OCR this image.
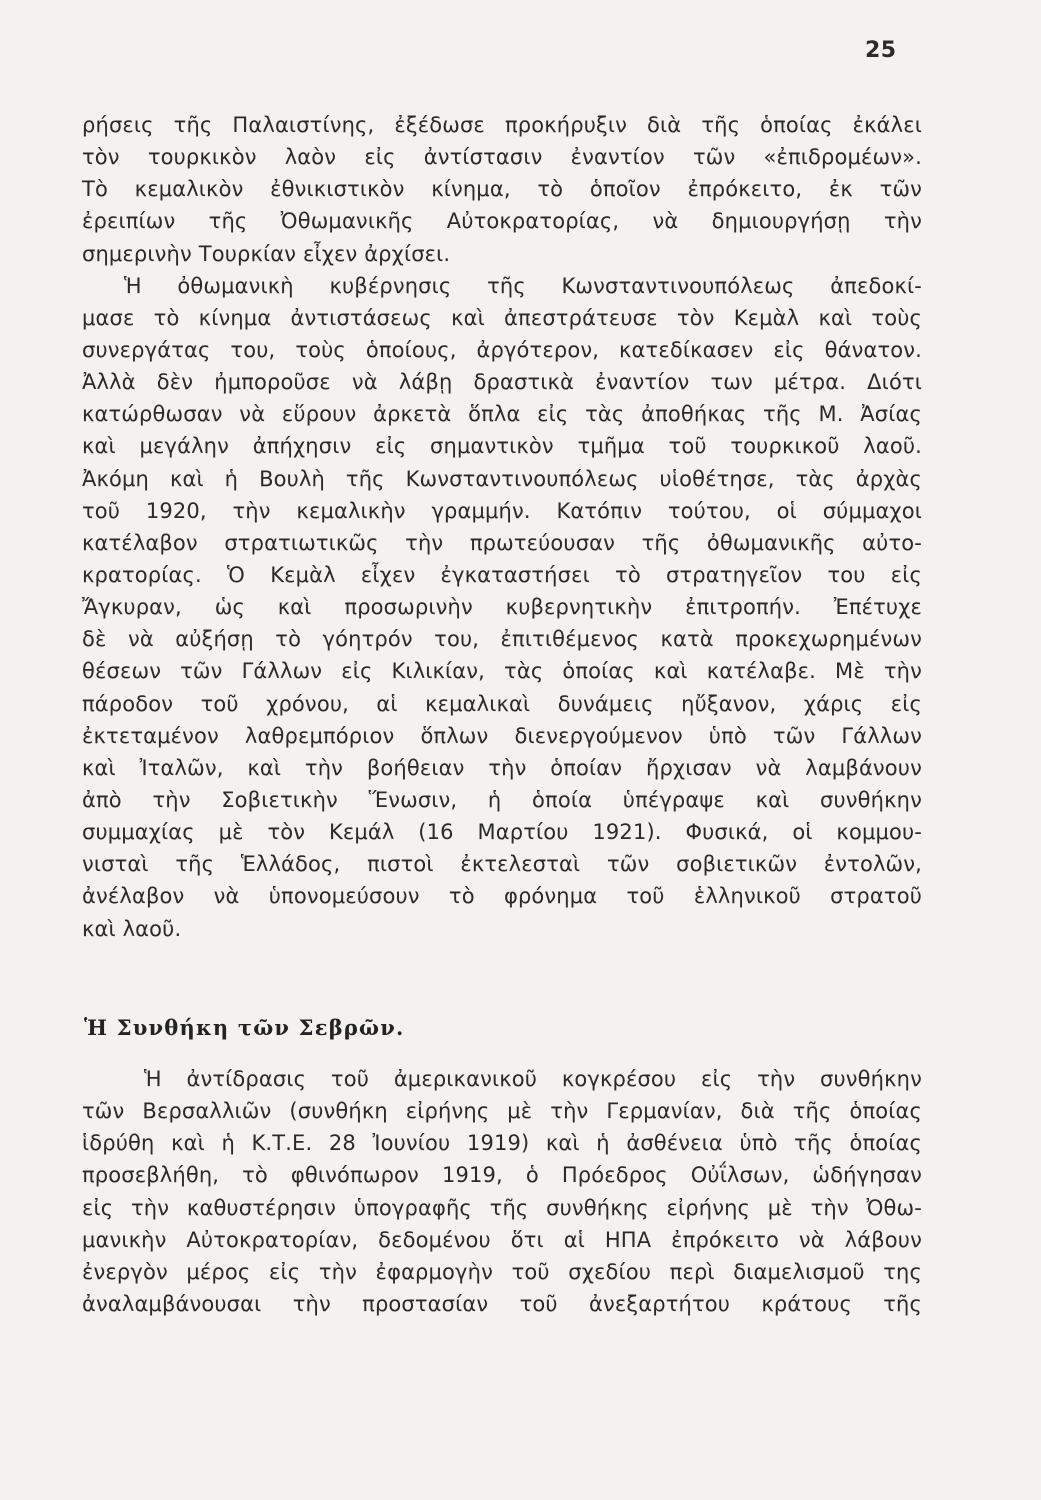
25
ρήσεις τῆς Παλαιστίνης, ἐξέδωσε προκήρυξιν διὰ τῆς ὁποίας ἐκάλει
τὸν τουρκικὸν λαὸν εἰς ἀντίστασιν ἐναντίον τῶν «ἐπιδρομέων».
Τὸ κεμαλικὸν ἐθνικιστικὸν κίνημα, τὸ ὁποῖον ἐπρόκειτο, ἐκ τῶν
ἐρειπίων τῆς Ὀθωμανικῆς Αὐτοκρατορίας, νὰ δημιουργήσῃ τὴν
σημερινὴν Τουρκίαν εἶχεν ἀρχίσει.
Ἡ ὀθωμανικὴ κυβέρνησις τῆς Κωνσταντινουπόλεως ἀπεδοκί-
μασε τὸ κίνημα ἀντιστάσεως καὶ ἀπεστράτευσε τὸν Κεμὰλ καὶ τοὺς
συνεργάτας του, τοὺς ὁποίους, ἀργότερον, κατεδίκασεν εἰς θάνατον.
Ἀλλὰ δὲν ἠμποροῦσε νὰ λάβῃ δραστικὰ ἐναντίον των μέτρα. Διότι
κατώρθωσαν νὰ εὕρουν ἀρκετὰ ὅπλα εἰς τὰς ἀποθήκας τῆς Μ. Ἀσίας
καὶ μεγάλην ἀπήχησιν εἰς σημαντικὸν τμῆμα τοῦ τουρκικοῦ λαοῦ.
Ἀκόμη καὶ ἡ Βουλὴ τῆς Κωνσταντινουπόλεως υἱοθέτησε, τὰς ἀρχὰς
τοῦ 1920, τὴν κεμαλικὴν γραμμήν. Κατόπιν τούτου, οἱ σύμμαχοι
κατέλαβον στρατιωτικῶς τὴν πρωτεύουσαν τῆς ὀθωμανικῆς αὐτο-
κρατορίας. Ὁ Κεμὰλ εἶχεν ἐγκαταστήσει τὸ στρατηγεῖον του εἰς
Ἄγκυραν, ὡς καὶ προσωρινὴν κυβερνητικὴν ἐπιτροπήν. Ἐπέτυχε
δὲ νὰ αὐξήσῃ τὸ γόητρόν του, ἐπιτιθέμενος κατὰ προκεχωρημένων
θέσεων τῶν Γάλλων εἰς Κιλικίαν, τὰς ὁποίας καὶ κατέλαβε. Μὲ τὴν
πάροδον τοῦ χρόνου, αἱ κεμαλικαὶ δυνάμεις ηὔξανον, χάρις εἰς
ἐκτεταμένον λαθρεμπόριον ὅπλων διενεργούμενον ὑπὸ τῶν Γάλλων
καὶ Ἰταλῶν, καὶ τὴν βοήθειαν τὴν ὁποίαν ἤρχισαν νὰ λαμβάνουν
ἀπὸ τὴν Σοβιετικὴν Ἕνωσιν, ἡ ὁποία ὑπέγραψε καὶ συνθήκην
συμμαχίας μὲ τὸν Κεμάλ (16 Μαρτίου 1921). Φυσικά, οἱ κομμου-
νισταὶ τῆς Ἑλλάδος, πιστοὶ ἐκτελεσταὶ τῶν σοβιετικῶν ἐντολῶν,
ἀνέλαβον νὰ ὑπονομεύσουν τὸ φρόνημα τοῦ ἑλληνικοῦ στρατοῦ
καὶ λαοῦ.
Ἡ Συνθήκη τῶν Σεβρῶν.
Ἡ ἀντίδρασις τοῦ ἀμερικανικοῦ κογκρέσου εἰς τὴν συνθήκην
τῶν Βερσαλλιῶν (συνθήκη εἰρήνης μὲ τὴν Γερμανίαν, διὰ τῆς ὁποίας
ἱδρύθη καὶ ἡ Κ.Τ.Ε. 28 Ἰουνίου 1919) καὶ ἡ ἀσθένεια ὑπὸ τῆς ὁποίας
προσεβλήθη, τὸ φθινόπωρον 1919, ὁ Πρόεδρος Οὐΐλσων, ὡδήγησαν
εἰς τὴν καθυστέρησιν ὑπογραφῆς τῆς συνθήκης εἰρήνης μὲ τὴν Ὀθω-
μανικὴν Αὐτοκρατορίαν, δεδομένου ὅτι αἱ ΗΠΑ ἐπρόκειτο νὰ λάβουν
ἐνεργὸν μέρος εἰς τὴν ἐφαρμογὴν τοῦ σχεδίου περὶ διαμελισμοῦ της
ἀναλαμβάνουσαι τὴν προστασίαν τοῦ ἀνεξαρτήτου κράτους τῆς
